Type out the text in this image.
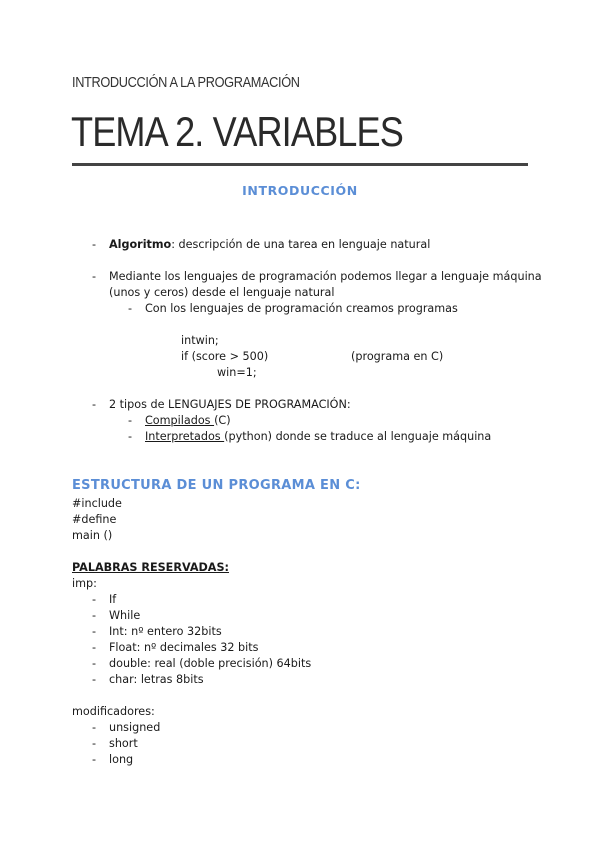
INTRODUCCIÓN A LA PROGRAMACIÓN
TEMA 2. VARIABLES
INTRODUCCIÓN
- Algoritmo: descripción de una tarea en lenguaje natural
- Mediante los lenguajes de programación podemos llegar a lenguaje máquina
(unos y ceros) desde el lenguaje natural
- Con los lenguajes de programación creamos programas
intwin;
if (score > 500)	(programa en C)
win=1;
- 2 tipos de LENGUAJES DE PROGRAMACIÓN:
- Compilados (C)
- Interpretados (python) donde se traduce al lenguaje máquina
ESTRUCTURA DE UN PROGRAMA EN C:
#include
#define
main ()
PALABRAS RESERVADAS:
imp:
- If
- While
- Int: nº entero 32bits
- Float: nº decimales 32 bits
- double: real (doble precisión) 64bits
- char: letras 8bits
modificadores:
- unsigned
- short
- long
